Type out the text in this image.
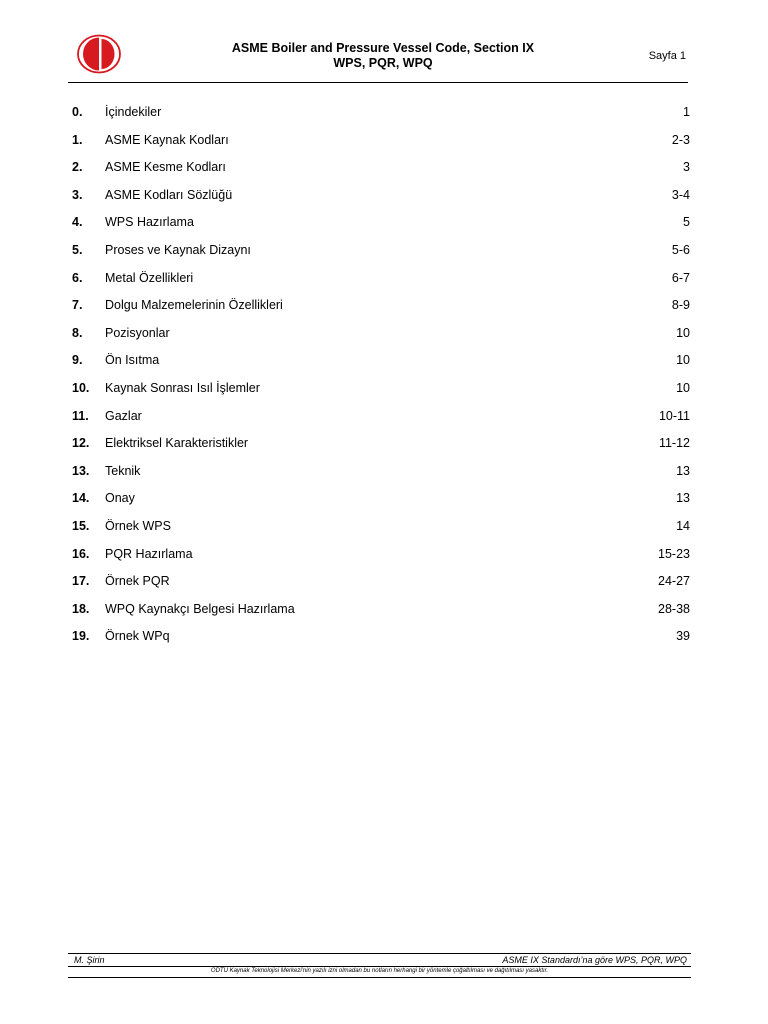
ASME Boiler and Pressure Vessel Code, Section IX
WPS, PQR, WPQ	Sayfa 1
0. İçindekiler	1
1. ASME Kaynak Kodları	2-3
2. ASME Kesme Kodları	3
3. ASME Kodları Sözlüğü	3-4
4. WPS Hazırlama	5
5. Proses ve Kaynak Dizaynı	5-6
6. Metal Özellikleri	6-7
7. Dolgu Malzemelerinin Özellikleri	8-9
8. Pozisyonlar	10
9. Ön Isıtma	10
10. Kaynak Sonrası Isıl İşlemler	10
11. Gazlar	10-11
12. Elektriksel Karakteristikler	11-12
13. Teknik	13
14. Onay	13
15. Örnek WPS	14
16. PQR Hazırlama	15-23
17. Örnek PQR	24-27
18. WPQ Kaynakçı Belgesi Hazırlama	28-38
19. Örnek WPq	39
M. Şirin	ASME IX Standardı’na göre WPS, PQR, WPQ
ODTÜ Kaynak Teknolojisi Merkezi'nin yazılı izni olmadan bu notların herhangi bir yöntemle çoğaltılması ve dağıtılması yasaktır.
